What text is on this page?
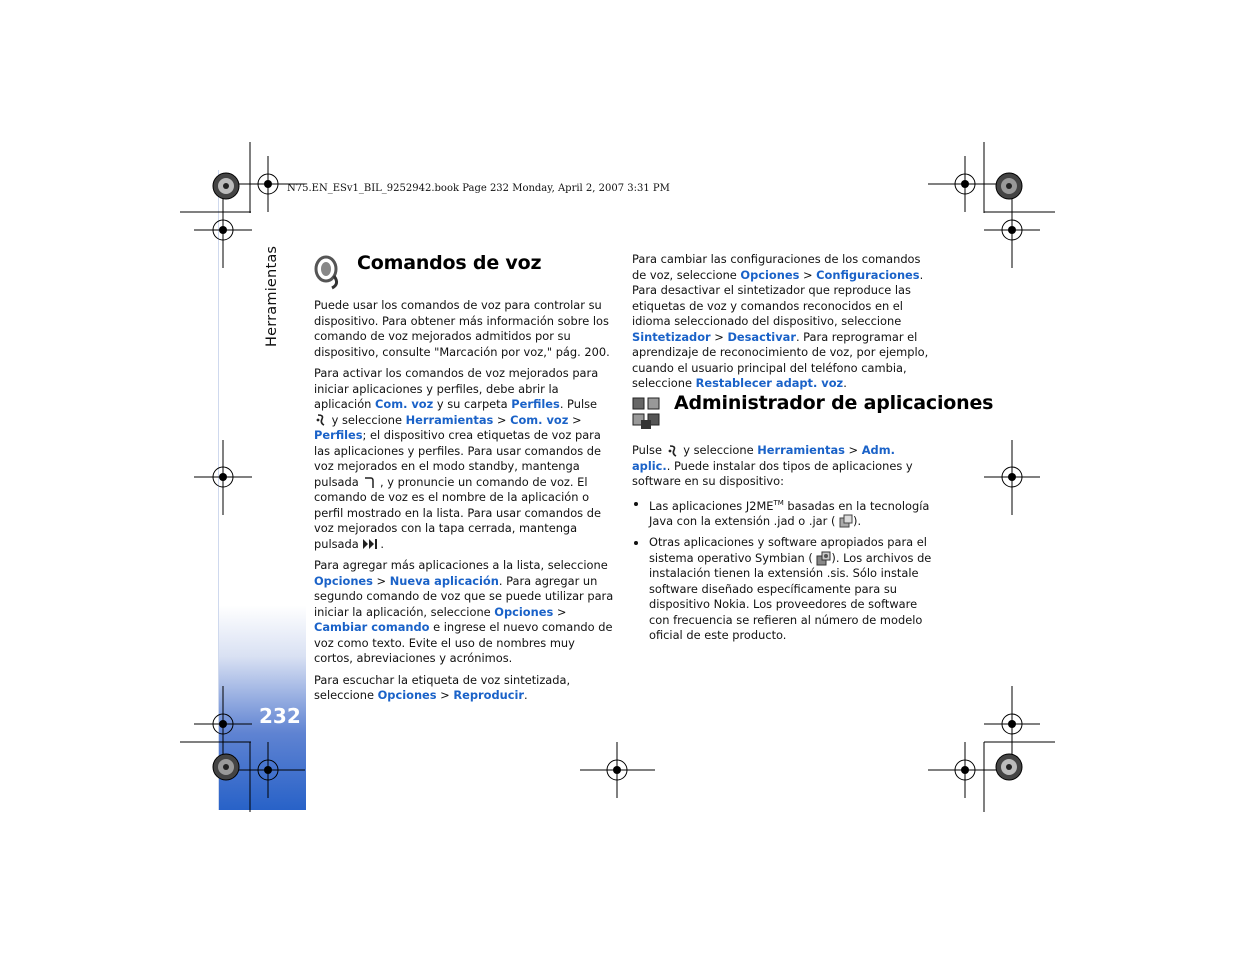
Herramientas
232
N75.EN_ESv1_BIL_9252942.book Page 232 Monday, April 2, 2007 3:31 PM
Comandos de voz

Puede usar los comandos de voz para controlar su dispositivo. Para obtener más información sobre los comando de voz mejorados admitidos por su dispositivo, consulte "Marcación por voz," pág. 200.

Para activar los comandos de voz mejorados para iniciar aplicaciones y perfiles, debe abrir la aplicación Com. voz y su carpeta Perfiles. Pulse  y seleccione Herramientas > Com. voz > Perfiles; el dispositivo crea etiquetas de voz para las aplicaciones y perfiles. Para usar comandos de voz mejorados en el modo standby, mantenga pulsada  , y pronuncie un comando de voz. El comando de voz es el nombre de la aplicación o perfil mostrado en la lista. Para usar comandos de voz mejorados con la tapa cerrada, mantenga pulsada .

Para agregar más aplicaciones a la lista, seleccione Opciones > Nueva aplicación. Para agregar un segundo comando de voz que se puede utilizar para iniciar la aplicación, seleccione Opciones > Cambiar comando e ingrese el nuevo comando de voz como texto. Evite el uso de nombres muy cortos, abreviaciones y acrónimos.

Para escuchar la etiqueta de voz sintetizada, seleccione Opciones > Reproducir.

Para cambiar las configuraciones de los comandos de voz, seleccione Opciones > Configuraciones. Para desactivar el sintetizador que reproduce las etiquetas de voz y comandos reconocidos en el idioma seleccionado del dispositivo, seleccione Sintetizador > Desactivar. Para reprogramar el aprendizaje de reconocimiento de voz, por ejemplo, cuando el usuario principal del teléfono cambia, seleccione Restablecer adapt. voz.

Administrador de aplicaciones

Pulse  y seleccione Herramientas > Adm. aplic.. Puede instalar dos tipos de aplicaciones y software en su dispositivo:

Las aplicaciones J2ME™ basadas en la tecnología Java con la extensión .jad o .jar ( ).
Otras aplicaciones y software apropiados para el sistema operativo Symbian ( ). Los archivos de instalación tienen la extensión .sis. Sólo instale software diseñado específicamente para su dispositivo Nokia. Los proveedores de software con frecuencia se refieren al número de modelo oficial de este producto.
